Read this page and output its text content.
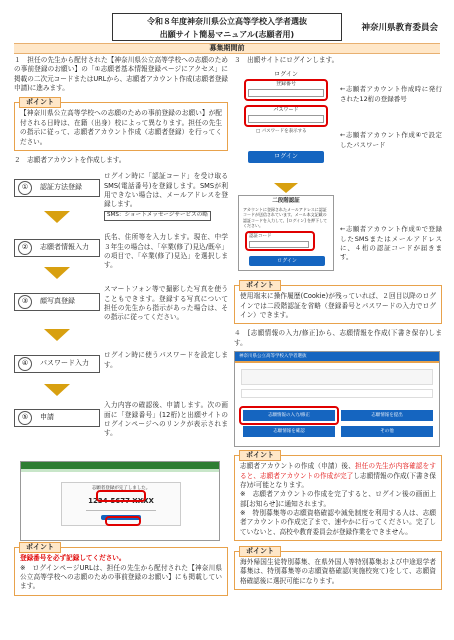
令和８年度神奈川県公立高等学校入学者選抜
出願サイト簡易マニュアル(志願者用)
神奈川県教育委員会
募集期間前
１　担任の先生から配付された【神奈川県公立高等学校への志願のための事前登録のお願い】の「①志願者基本情報登録ページにアクセス」に掲載の二次元コードまたはURLから、志願者アカウント作成(志願者登録申請)に進みます。
ポイント
【神奈川県公立高等学校への志願のための事前登録のお願い】が配付される日時は、在籍（出身）校によって異なります。担任の先生の指示に従って、志願者アカウント作成（志願者登録）を行ってください。
２　志願者アカウントを作成します。
①	認証方法登録
ログイン時に「認証コード」を受け取る SMS(電話番号)を登録します。SMSが利用できない場合は、メールアドレスを登録します。
SMS：ショートメッセージサービスの略
②	志願者情報入力
氏名、住所等を入力します。現在、中学３年生の場合は、「卒業(修了)見込/既卒」の項目で、「卒業(修了)見込」を選択します。
③	顔写真登録
スマートフォン等で撮影した写真を使うこともできます。登録する写真について担任の先生から指示があった場合は、その指示に従ってください。
④	パスワード入力
ログイン時に使うパスワードを設定します。
⑤	申請
入力内容の確認後、申請します。次の画面に「登録番号」(12桁)と出願サイトのログインページへのリンクが表示されます。
志願者登録が完了しました。
1234-5677-XXXX
ポイント
登録番号を必ず記録してください。
※　ログインページURLは、担任の先生から配付された【神奈川県公立高等学校への志願のための事前登録のお願い】にも掲載しています。
３　出願サイトにログインします。
ログイン
登録番号
パスワード
□ パスワードを表示する
ログイン
←志願者アカウント作成時に発行された12桁の登録番号
←志願者アカウント作成④で設定したパスワード
二段階認証
アカウントに登録されたメールアドレスに認証コードが送信されています。メール本文記載の認証コードを入力して、[ログイン] を押下してください。
認証コード
ログイン
←志願者アカウント作成①で登録したSMSまたはメールアドレスに、４桁の認証コードが届きます。
ポイント
使用端末に操作履歴(Cookie)が残っていれば、２回目以降のログインでは二段階認証を省略（登録番号とパスワードの入力でログイン）できます。
４　[志願情報の入力/修正]から、志願情報を作成(下書き保存)します。
神奈川県公立高等学校入学者選抜
志願情報の入力/修正	志願情報を提出
志願情報を確認	その他
ポイント
志願者アカウントの作成（申請）後、担任の先生が内容確認をすると、志願者アカウントの作成が完了し志願情報の作成(下書き保存)が可能となります。
※　志願者アカウントの作成を完了すると、ログイン後の画面上部[お知らせ]に通知されます。
※　特別募集等の志願資格確認や減免制度を利用する人は、志願者アカウントの作成完了まで、速やかに行ってください。完了していないと、高校や教育委員会が登録作業をできません。
ポイント
海外帰国生徒特別募集、在県外国人等特別募集および中途退学者募集は、特別募集等の志願資格確認(実施校宛て)をして、志願資格確認後に選択可能になります。
